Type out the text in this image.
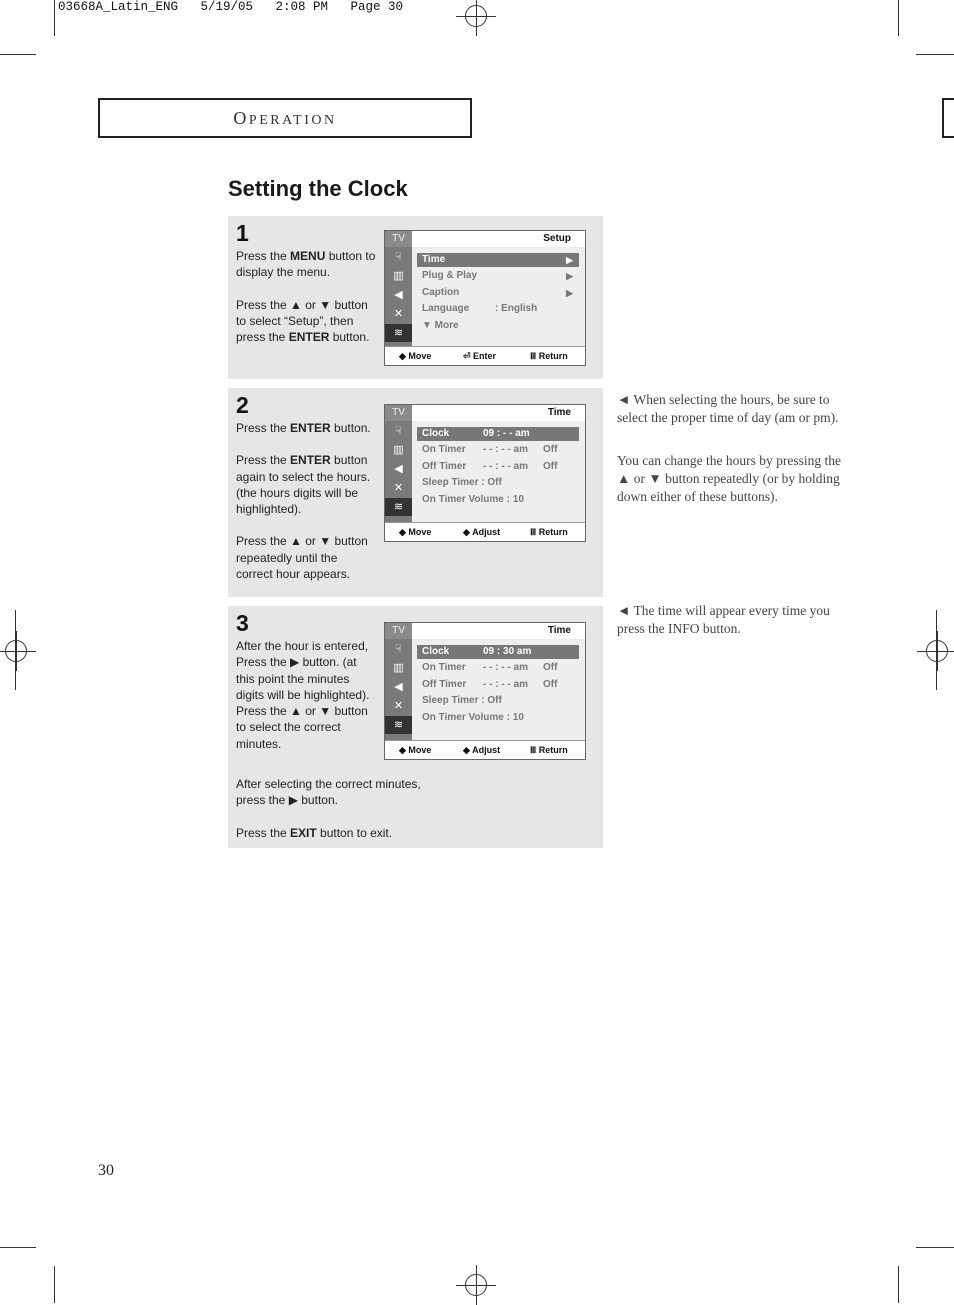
03668A_Latin_ENG   5/19/05   2:08 PM   Page 30
OPERATION
Setting the Clock
1

Press the MENU button to display the menu.

Press the ▲ or ▼ button to select “Setup”, then press the ENTER button.

TV
☟
▥
◀
✕
≋
Setup
Time	▶
Plug & Play	▶
Caption	▶
Language	: English
▼ More
◆ Move	⏎ Enter	Ⅲ Return
2

Press the ENTER button.

Press the ENTER button again to select the hours. (the hours digits will be highlighted).

Press the ▲ or ▼ button repeatedly until the correct hour appears.

TV
☟
▥
◀
✕
≋
Time
Clock	09 : - - am
On Timer - - : - - am Off
Off Timer - - : - - am Off
Sleep Timer : Off
On Timer Volume : 10
◆ Move	◆ Adjust	Ⅲ Return
3

After the hour is entered, Press the ▶ button. (at this point the minutes digits will be highlighted). Press the ▲ or ▼ button to select the correct minutes.

After selecting the correct minutes, press the ▶ button.

Press the EXIT button to exit.

TV
☟
▥
◀
✕
≋
Time
Clock	09 : 30 am
On Timer - - : - - am Off
Off Timer - - : - - am Off
Sleep Timer : Off
On Timer Volume : 10
◆ Move	◆ Adjust	Ⅲ Return

◄ When selecting the hours, be sure to select the proper time of day (am or pm).

You can change the hours by pressing the ▲ or ▼ button repeatedly (or by holding down either of these buttons).

◄ The time will appear every time you press the INFO button.

30
